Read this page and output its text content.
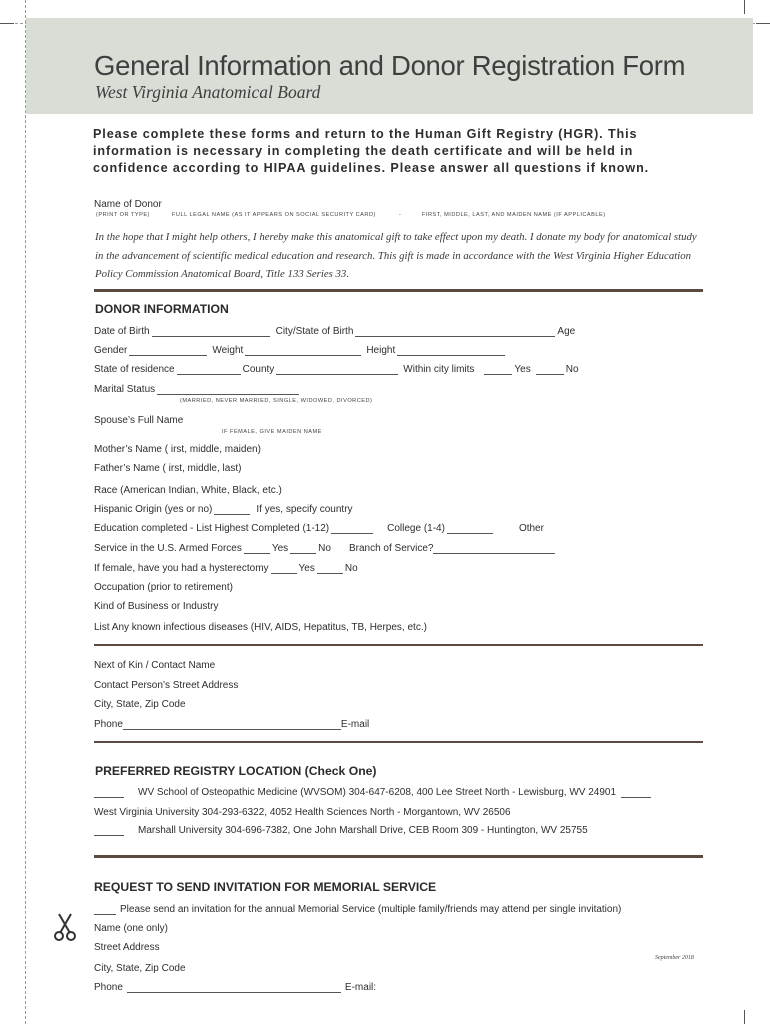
General Information and Donor Registration Form
West Virginia Anatomical Board
Please complete these forms and return to the Human Gift Registry (HGR). This information is necessary in completing the death certificate and will be held in confidence according to HIPAA guidelines. Please answer all questions if known.
Name of Donor
(PRINT OR TYPE)	FULL LEGAL NAME (AS IT APPEARS ON SOCIAL SECURITY CARD)	-	FIRST, MIDDLE, LAST, AND MAIDEN NAME (IF APPLICABLE)
In the hope that I might help others, I hereby make this anatomical gift to take effect upon my death. I donate my body for anatomical study in the advancement of scientific medical education and research. This gift is made in accordance with the West Virginia Higher Education Policy Commission Anatomical Board, Title 133 Series 33.
DONOR INFORMATION
Date of Birth	City/State of Birth	Age
Gender	Weight	Height
State of residence	County	Within city limits	Yes	No
Marital Status
(MARRIED, NEVER MARRIED, SINGLE, WIDOWED, DIVORCED)
Spouse’s Full Name
IF FEMALE, GIVE MAIDEN NAME
Mother’s Name ( irst, middle, maiden)
Father’s Name ( irst, middle, last)
Race (American Indian, White, Black, etc.)
Hispanic Origin (yes or no)	If yes, specify country
Education completed - List Highest Completed (1-12)	College (1-4)	Other
Service in the U.S. Armed Forces	Yes	No Branch of Service?
If female, have you had a hysterectomy	Yes	No
Occupation (prior to retirement)
Kind of Business or Industry
List Any known infectious diseases (HIV, AIDS, Hepatitus, TB, Herpes, etc.)
Next of Kin / Contact Name
Contact Person’s Street Address
City, State, Zip Code
Phone	E-mail
PREFERRED REGISTRY LOCATION (Check One)
WV School of Osteopathic Medicine (WVSOM) 304-647-6208, 400 Lee Street North - Lewisburg, WV 24901
West Virginia University 304-293-6322, 4052 Health Sciences North - Morgantown, WV 26506
Marshall University 304-696-7382, One John Marshall Drive, CEB Room 309 - Huntington, WV 25755
REQUEST TO SEND INVITATION FOR MEMORIAL SERVICE
Please send an invitation for the annual Memorial Service (multiple family/friends may attend per single invitation)
Name (one only)
Street Address
September 2018
City, State, Zip Code
Phone	E-mail:
